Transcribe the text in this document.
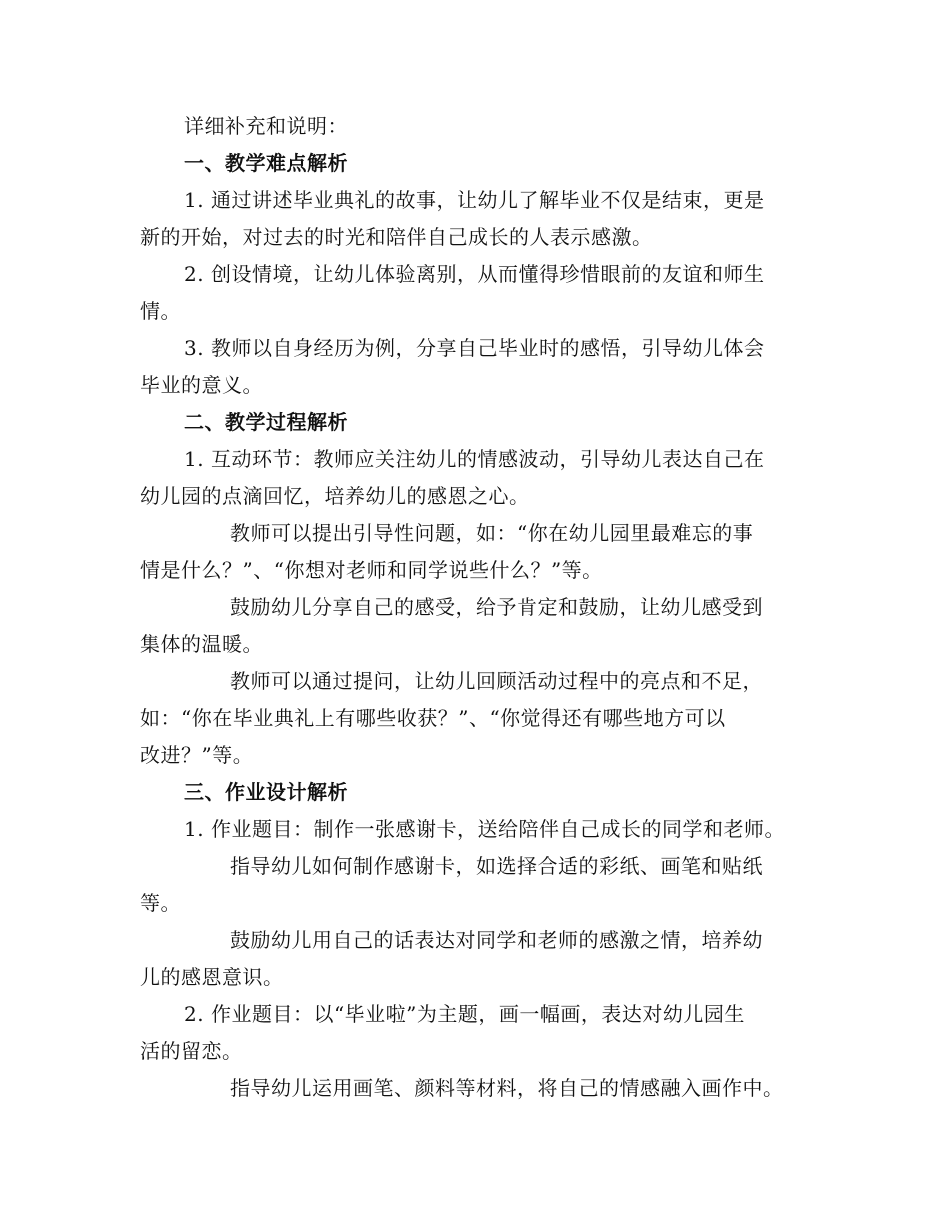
详细补充和说明：
一、教学难点解析
1. 通过讲述毕业典礼的故事，让幼儿了解毕业不仅是结束，更是
新的开始，对过去的时光和陪伴自己成长的人表示感激。
2. 创设情境，让幼儿体验离别，从而懂得珍惜眼前的友谊和师生
情。
3. 教师以自身经历为例，分享自己毕业时的感悟，引导幼儿体会
毕业的意义。
二、教学过程解析
1. 互动环节：教师应关注幼儿的情感波动，引导幼儿表达自己在
幼儿园的点滴回忆，培养幼儿的感恩之心。
教师可以提出引导性问题，如：“你在幼儿园里最难忘的事
情是什么？”、“你想对老师和同学说些什么？”等。
鼓励幼儿分享自己的感受，给予肯定和鼓励，让幼儿感受到
集体的温暖。
教师可以通过提问，让幼儿回顾活动过程中的亮点和不足，
如：“你在毕业典礼上有哪些收获？”、“你觉得还有哪些地方可以
改进？”等。
三、作业设计解析
1. 作业题目：制作一张感谢卡，送给陪伴自己成长的同学和老师。
指导幼儿如何制作感谢卡，如选择合适的彩纸、画笔和贴纸
等。
鼓励幼儿用自己的话表达对同学和老师的感激之情，培养幼
儿的感恩意识。
2. 作业题目：以“毕业啦”为主题，画一幅画，表达对幼儿园生
活的留恋。
指导幼儿运用画笔、颜料等材料，将自己的情感融入画作中。
